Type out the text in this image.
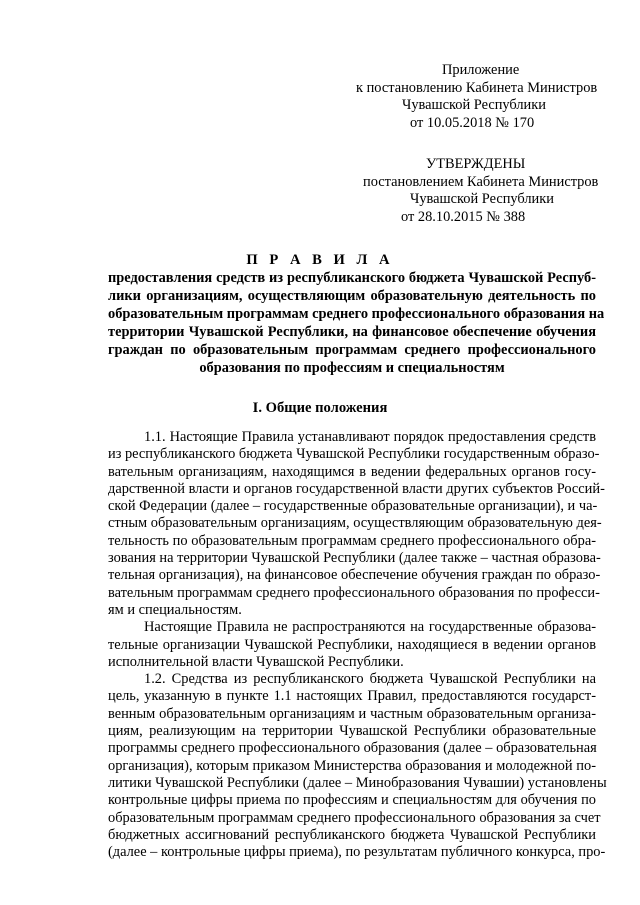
Приложение
к постановлению Кабинета Министров
Чувашской Республики
от 10.05.2018 № 170
УТВЕРЖДЕНЫ
постановлением Кабинета Министров
Чувашской Республики
от 28.10.2015 № 388
П Р А В И Л А
предоставления средств из республиканского бюджета Чувашской Респуб-
лики организациям, осуществляющим образовательную деятельность по
образовательным программам среднего профессионального образования на
территории Чувашской Республики, на финансовое обеспечение обучения
граждан по образовательным программам среднего профессионального
образования по профессиям и специальностям
I. Общие положения
1.1. Настоящие Правила устанавливают порядок предоставления средств
из республиканского бюджета Чувашской Республики государственным образо-
вательным организациям, находящимся в ведении федеральных органов госу-
дарственной власти и органов государственной власти других субъектов Россий-
ской Федерации (далее – государственные образовательные организации), и ча-
стным образовательным организациям, осуществляющим образовательную дея-
тельность по образовательным программам среднего профессионального обра-
зования на территории Чувашской Республики (далее также – частная образова-
тельная организация), на финансовое обеспечение обучения граждан по образо-
вательным программам среднего профессионального образования по професси-
ям и специальностям.
Настоящие Правила не распространяются на государственные образова-
тельные организации Чувашской Республики, находящиеся в ведении органов
исполнительной власти Чувашской Республики.
1.2. Средства из республиканского бюджета Чувашской Республики на
цель, указанную в пункте 1.1 настоящих Правил, предоставляются государст-
венным образовательным организациям и частным образовательным организа-
циям, реализующим на территории Чувашской Республики образовательные
программы среднего профессионального образования (далее – образовательная
организация), которым приказом Министерства образования и молодежной по-
литики Чувашской Республики (далее – Минобразования Чувашии) установлены
контрольные цифры приема по профессиям и специальностям для обучения по
образовательным программам среднего профессионального образования за счет
бюджетных ассигнований республиканского бюджета Чувашской Республики
(далее – контрольные цифры приема), по результатам публичного конкурса, про-
